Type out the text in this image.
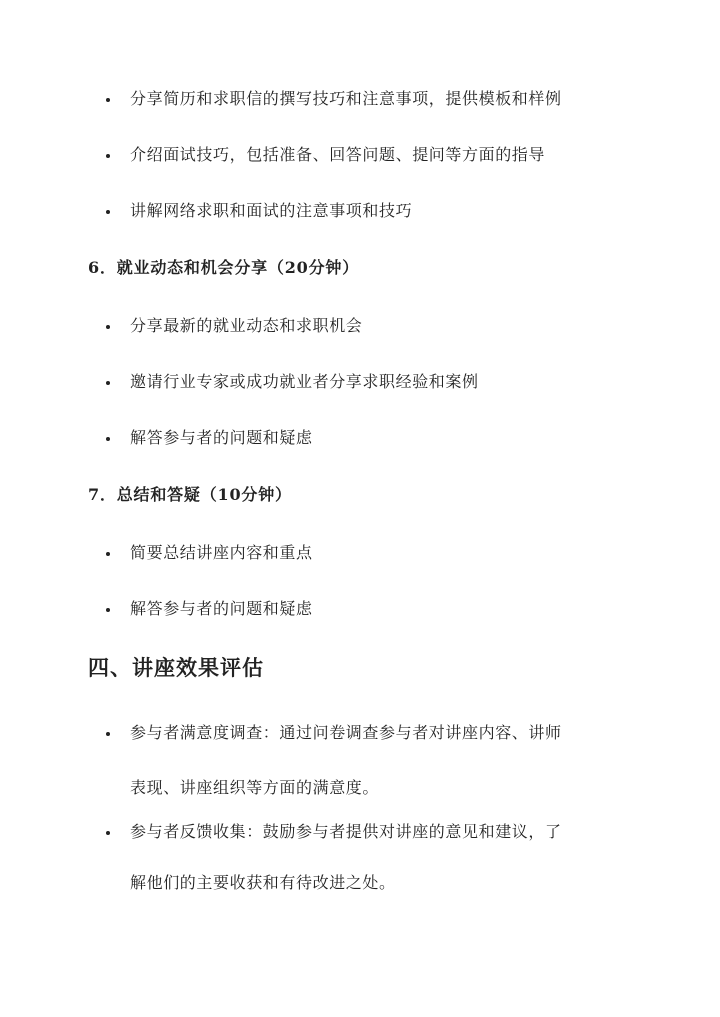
分享简历和求职信的撰写技巧和注意事项，提供模板和样例
介绍面试技巧，包括准备、回答问题、提问等方面的指导
讲解网络求职和面试的注意事项和技巧
6．就业动态和机会分享（20分钟）
分享最新的就业动态和求职机会
邀请行业专家或成功就业者分享求职经验和案例
解答参与者的问题和疑虑
7．总结和答疑（10分钟）
简要总结讲座内容和重点
解答参与者的问题和疑虑
四、讲座效果评估
参与者满意度调查：通过问卷调查参与者对讲座内容、讲师
表现、讲座组织等方面的满意度。
参与者反馈收集：鼓励参与者提供对讲座的意见和建议，了
解他们的主要收获和有待改进之处。
